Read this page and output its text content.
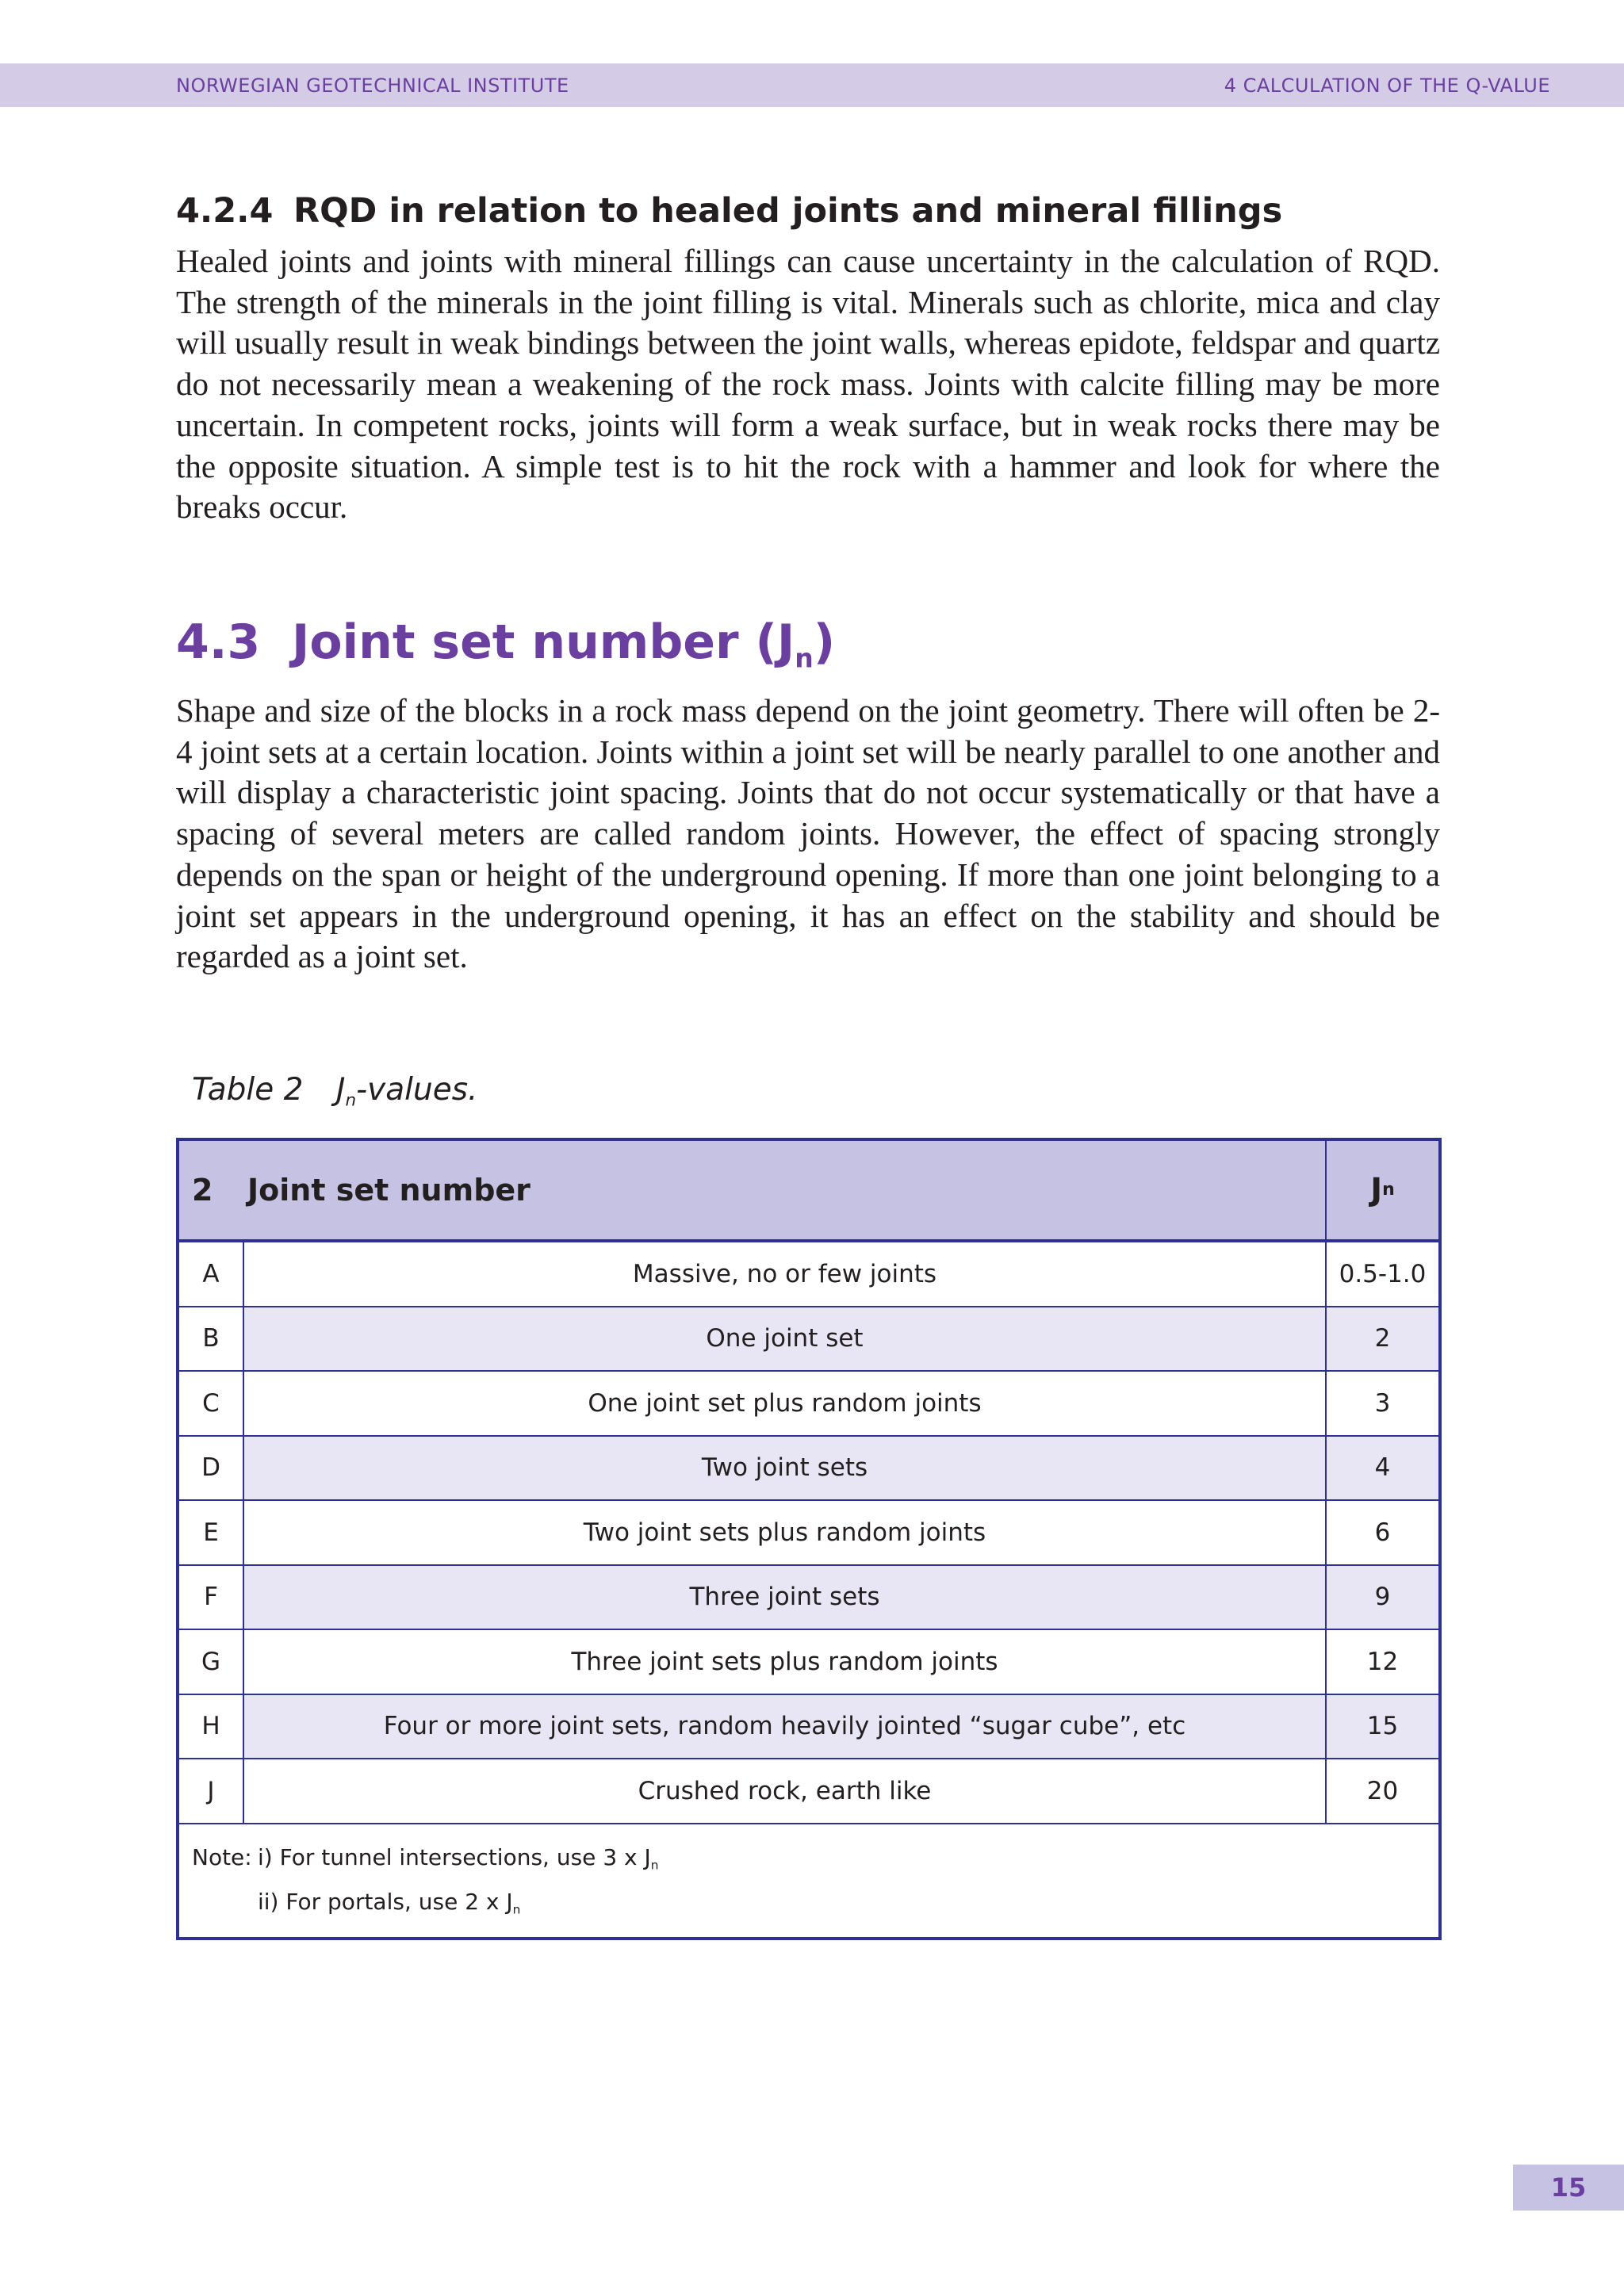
NORWEGIAN GEOTECHNICAL INSTITUTE	4 CALCULATION OF THE Q-VALUE
4.2.4 RQD in relation to healed joints and mineral fillings

Healed joints and joints with mineral fillings can cause uncertainty in the calculation of RQD. The strength of the minerals in the joint filling is vital. Minerals such as chlorite, mica and clay will usually result in weak bindings between the joint walls, whereas epidote, feldspar and quartz do not necessarily mean a weakening of the rock mass. Joints with calcite filling may be more uncertain. In competent rocks, joints will form a weak surface, but in weak rocks there may be the opposite situation. A simple test is to hit the rock with a hammer and look for where the breaks occur.

4.3 Joint set number $(J_n)$

Shape and size of the blocks in a rock mass depend on the joint geometry. There will often be 2-4 joint sets at a certain location. Joints within a joint set will be nearly parallel to one another and will display a characteristic joint spacing. Joints that do not occur systematically or that have a spacing of several meters are called random joints. However, the effect of spacing strongly depends on the span or height of the underground opening. If more than one joint belonging to a joint set appears in the underground opening, it has an effect on the stability and should be regarded as a joint set.

Table 2 $J_n$-values.
2	Joint set number	J n
A	Massive, no or few joints	0.5-1.0
B	One joint set	2
C	One joint set plus random joints	3
D	Two joint sets	4
E	Two joint sets plus random joints	6
F	Three joint sets	9
G	Three joint sets plus random joints	12
H	Four or more joint sets, random heavily jointed “sugar cube”, etc	15
J	Crushed rock, earth like	20
Note: i) For tunnel intersections, use 3 x $J_n$
ii) For portals, use 2 x $J_n$
15
